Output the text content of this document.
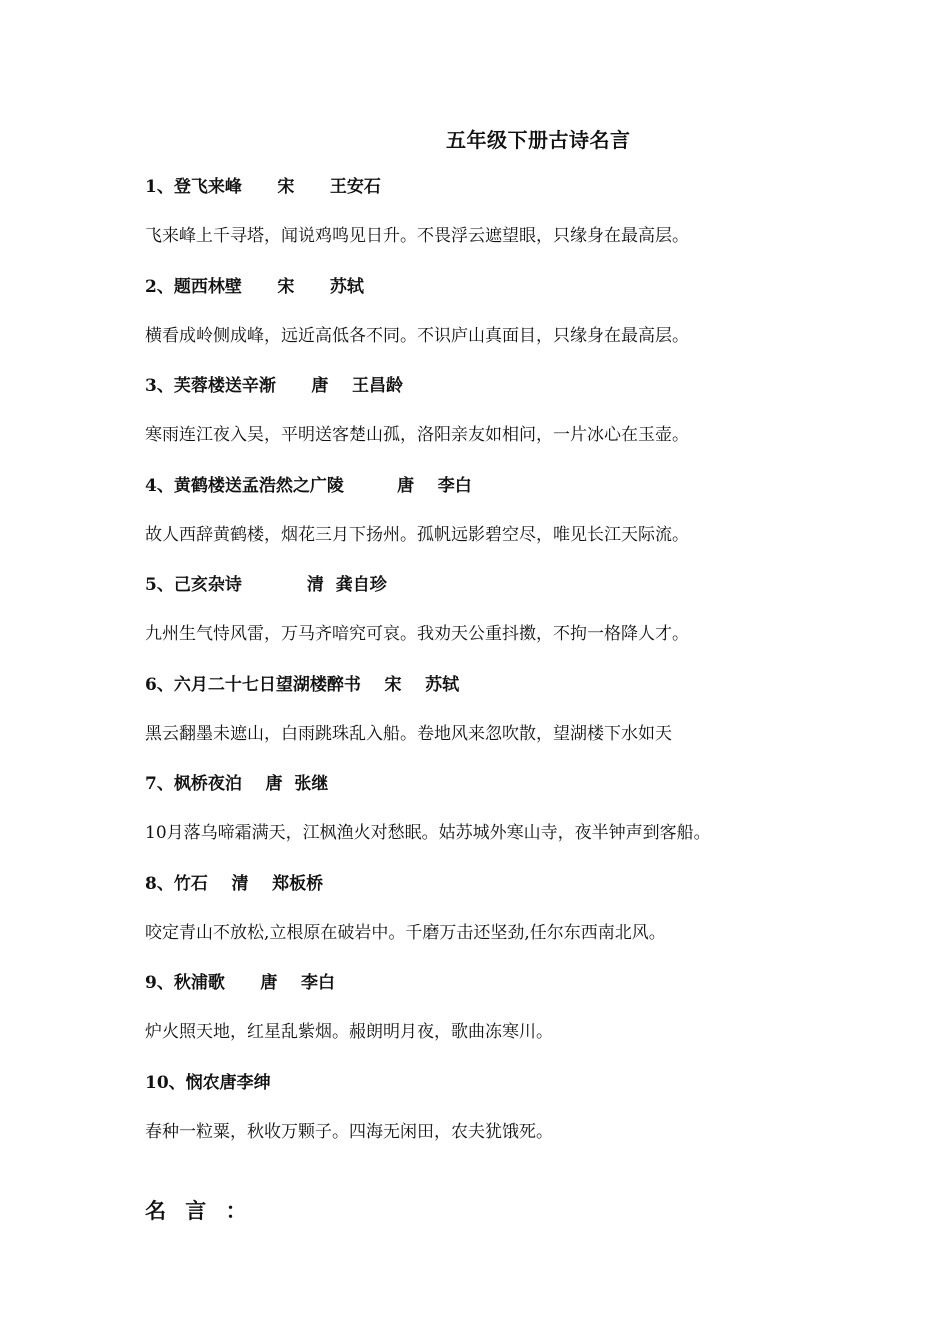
五年级下册古诗名言
1、登飞来峰      宋      王安石
飞来峰上千寻塔，闻说鸡鸣见日升。不畏浮云遮望眼，只缘身在最高层。
2、题西林壁      宋      苏轼
横看成岭侧成峰，远近高低各不同。不识庐山真面目，只缘身在最高层。
3、芙蓉楼送辛渐      唐    王昌龄
寒雨连江夜入吴，平明送客楚山孤，洛阳亲友如相问，一片冰心在玉壶。
4、黄鹤楼送孟浩然之广陵         唐    李白
故人西辞黄鹤楼，烟花三月下扬州。孤帆远影碧空尽，唯见长江天际流。
5、己亥杂诗           清  龚自珍
九州生气恃风雷，万马齐喑究可哀。我劝天公重抖擞，不拘一格降人才。
6、六月二十七日望湖楼醉书    宋    苏轼
黑云翻墨未遮山，白雨跳珠乱入船。卷地风来忽吹散，望湖楼下水如天
7、枫桥夜泊    唐  张继
10月落乌啼霜满天，江枫渔火对愁眠。姑苏城外寒山寺，夜半钟声到客船。
8、竹石    清    郑板桥
咬定青山不放松,立根原在破岩中。千磨万击还坚劲,任尔东西南北风。
9、秋浦歌      唐    李白
炉火照天地，红星乱紫烟。赧朗明月夜，歌曲冻寒川。
10、悯农唐李绅
春种一粒粟，秋收万颗子。四海无闲田，农夫犹饿死。
名 言 ：
